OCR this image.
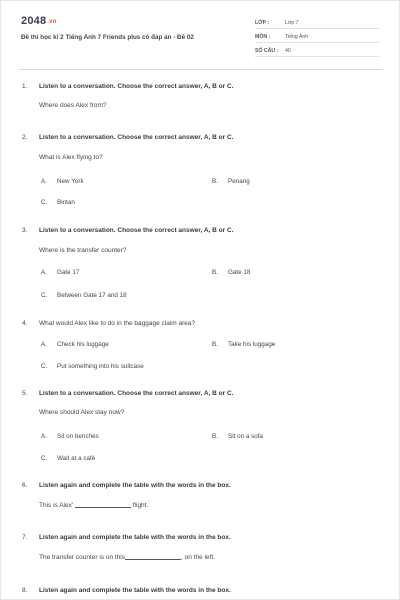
2048.vn
Đề thi học kì 2 Tiếng Anh 7 Friends plus có đáp án - Đề 02
LỚP :	Lớp 7
MÔN :	Tiếng Anh
SỐ CÂU : 40
1. Listen to a conversation. Choose the correct answer, A, B or C.
Where does Alex from?
2. Listen to a conversation. Choose the correct answer, A, B or C.
What is Alex flying to?
A. New York	B. Penang
C. Bintan
3. Listen to a conversation. Choose the correct answer, A, B or C.
Where is the transfer counter?
A. Gate 17	B. Gate 18
C. Between Gate 17 and 18
4. What would Alex like to do in the baggage claim area?
A. Check his luggage	B. Take his luggage
C. Put something into his suitcase
5. Listen to a conversation. Choose the correct answer, A, B or C.
Where should Alex stay now?
A. Sit on benches	B. Sit on a sofa
C. Wait at a café
6. Listen again and complete the table with the words in the box.
This is Alex'	flight.
7. Listen again and complete the table with the words in the box.
The transfer counter is on this	, on the left.
8. Listen again and complete the table with the words in the box.
